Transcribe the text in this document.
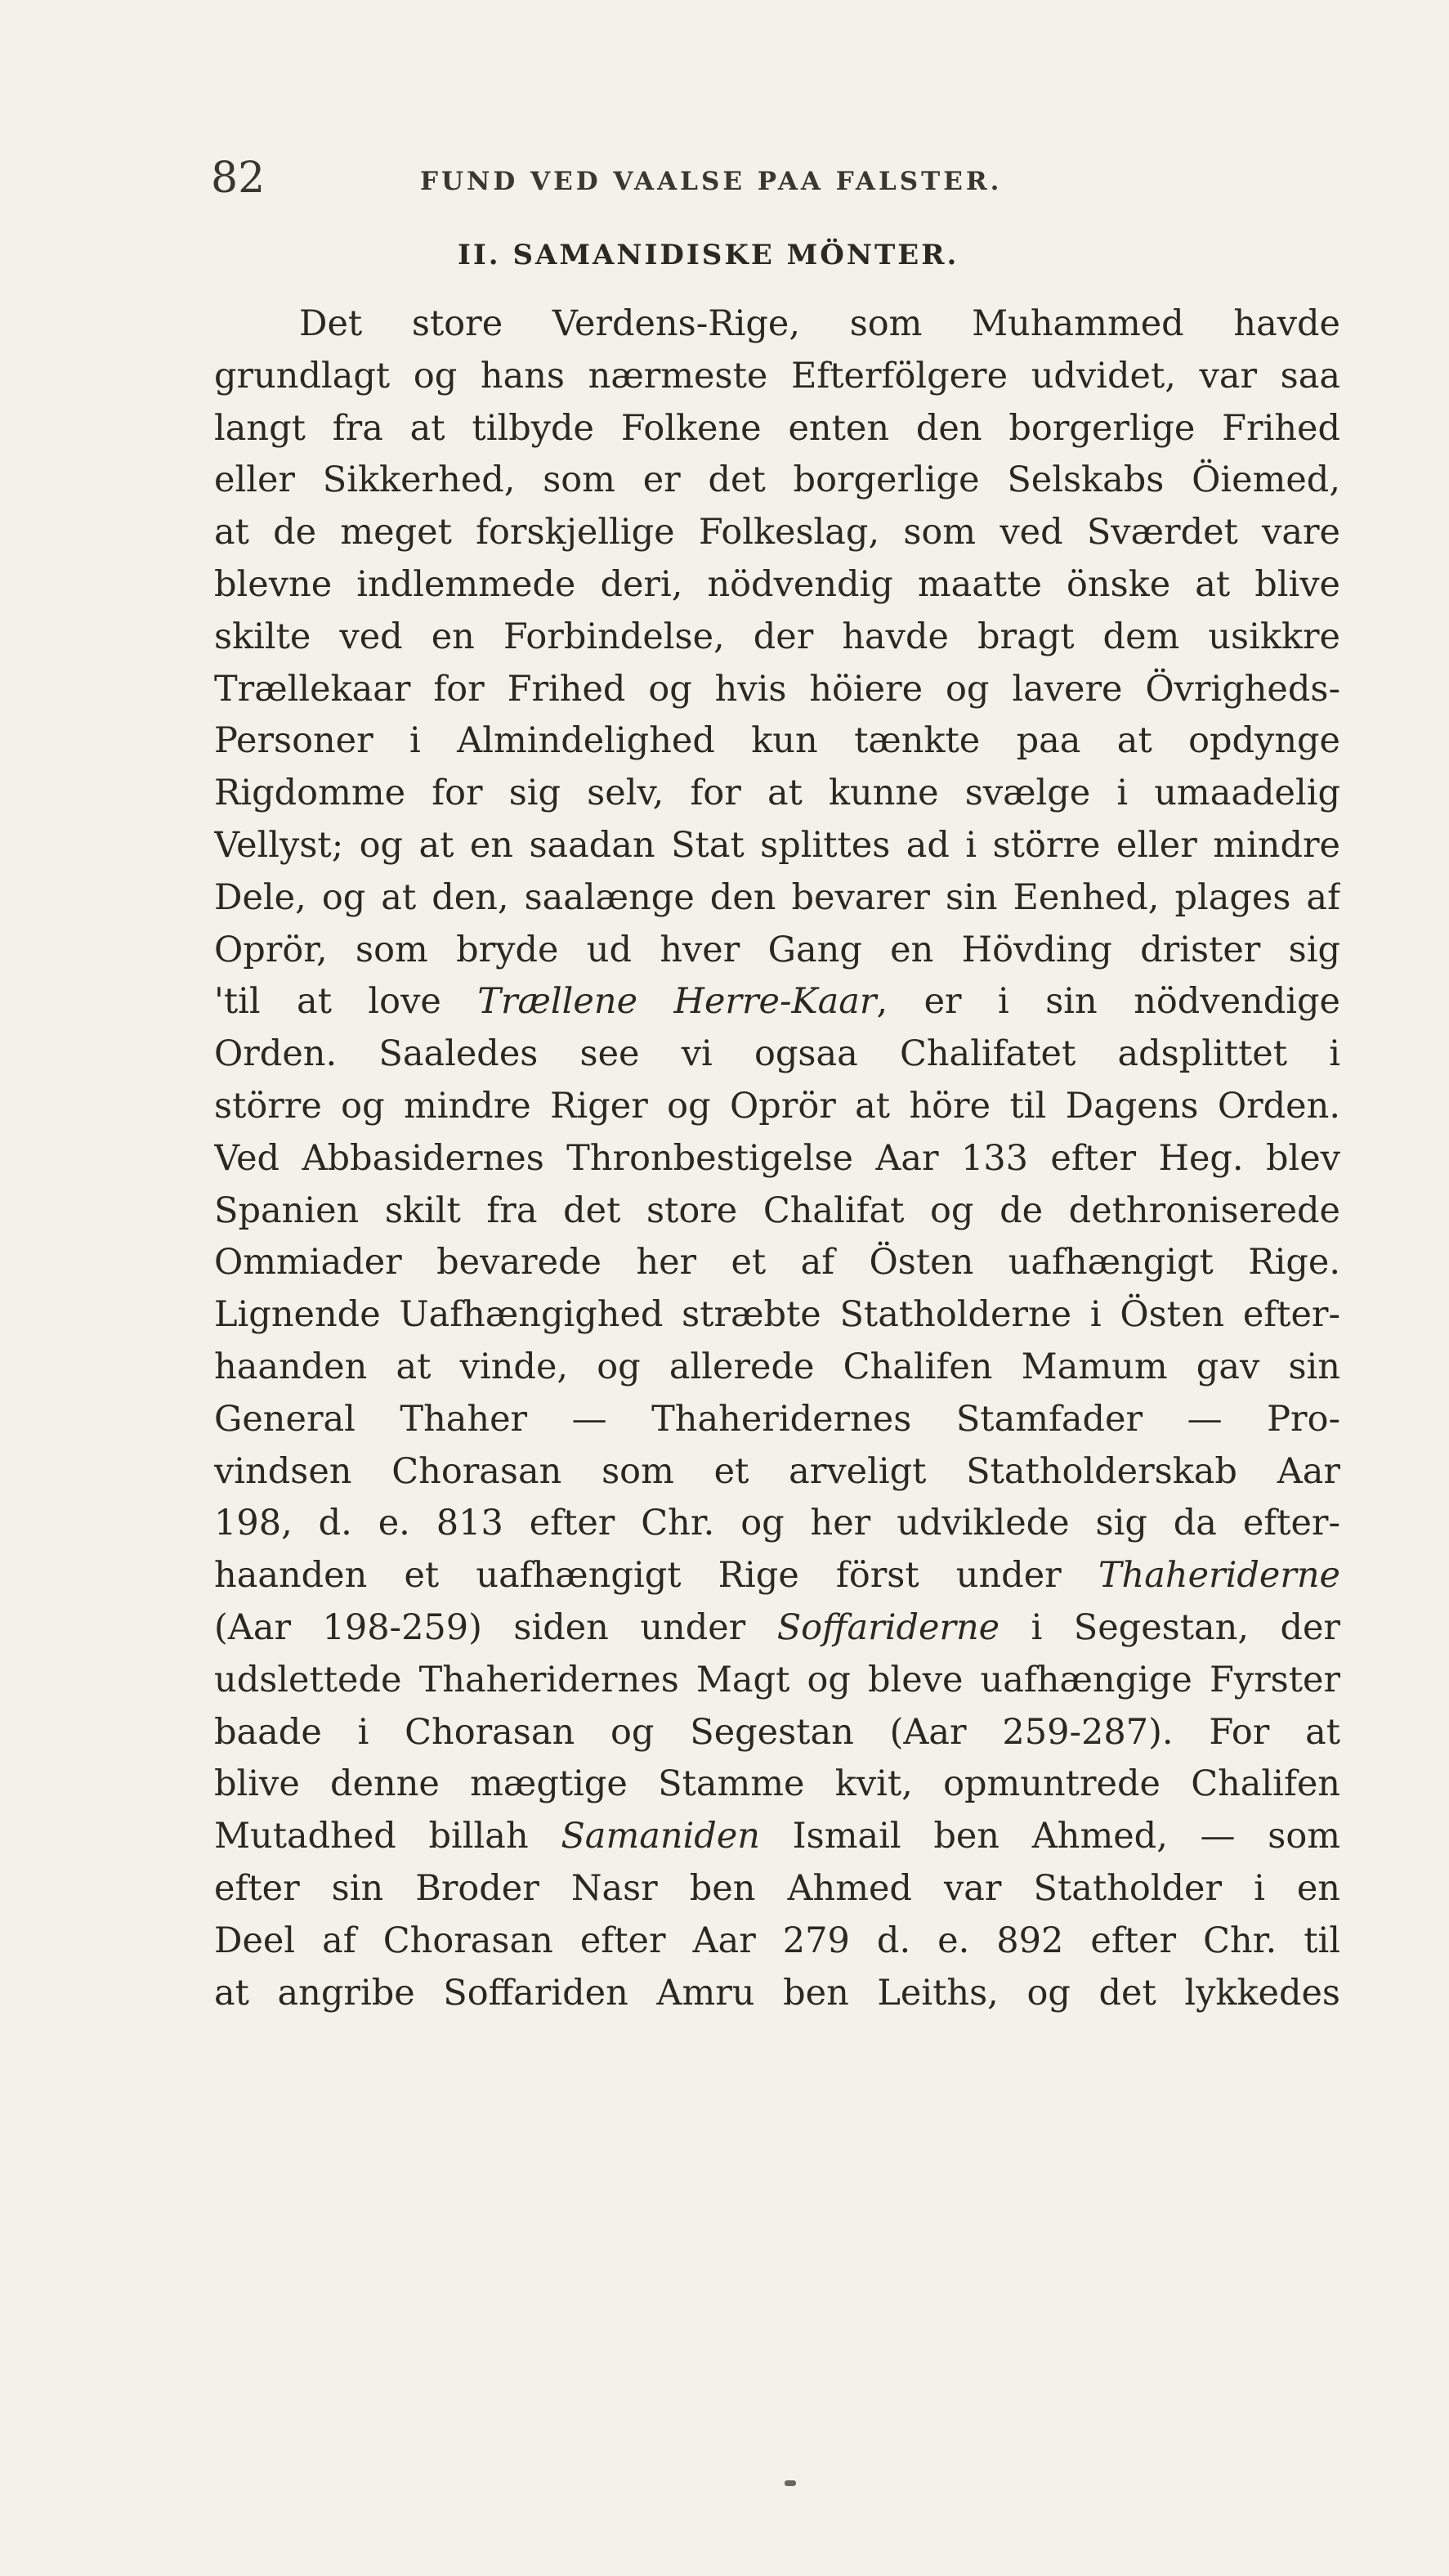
82	FUND VED VAALSE PAA FALSTER.
II. SAMANIDISKE MÖNTER.
Det store Verdens-Rige, som Muhammed havde
grundlagt og hans nærmeste Efterfölgere udvidet, var saa
langt fra at tilbyde Folkene enten den borgerlige Frihed
eller Sikkerhed, som er det borgerlige Selskabs Öiemed,
at de meget forskjellige Folkeslag, som ved Sværdet vare
blevne indlemmede deri, nödvendig maatte önske at blive
skilte ved en Forbindelse, der havde bragt dem usikkre
Trællekaar for Frihed og hvis höiere og lavere Övrigheds-
Personer i Almindelighed kun tænkte paa at opdynge
Rigdomme for sig selv, for at kunne svælge i umaadelig
Vellyst; og at en saadan Stat splittes ad i större eller mindre
Dele, og at den, saalænge den bevarer sin Eenhed, plages af
Oprör, som bryde ud hver Gang en Hövding drister sig
'til at love Trællene Herre-Kaar, er i sin nödvendige
Orden. Saaledes see vi ogsaa Chalifatet adsplittet i
större og mindre Riger og Oprör at höre til Dagens Orden.
Ved Abbasidernes Thronbestigelse Aar 133 efter Heg. blev
Spanien skilt fra det store Chalifat og de dethroniserede
Ommiader bevarede her et af Östen uafhængigt Rige.
Lignende Uafhængighed stræbte Statholderne i Östen efter-
haanden at vinde, og allerede Chalifen Mamum gav sin
General Thaher — Thaheridernes Stamfader — Pro-
vindsen Chorasan som et arveligt Statholderskab Aar
198, d. e. 813 efter Chr. og her udviklede sig da efter-
haanden et uafhængigt Rige först under Thaheriderne
(Aar 198-259) siden under Soffariderne i Segestan, der
udslettede Thaheridernes Magt og bleve uafhængige Fyrster
baade i Chorasan og Segestan (Aar 259-287). For at
blive denne mægtige Stamme kvit, opmuntrede Chalifen
Mutadhed billah Samaniden Ismail ben Ahmed, — som
efter sin Broder Nasr ben Ahmed var Statholder i en
Deel af Chorasan efter Aar 279 d. e. 892 efter Chr. til
at angribe Soffariden Amru ben Leiths, og det lykkedes
